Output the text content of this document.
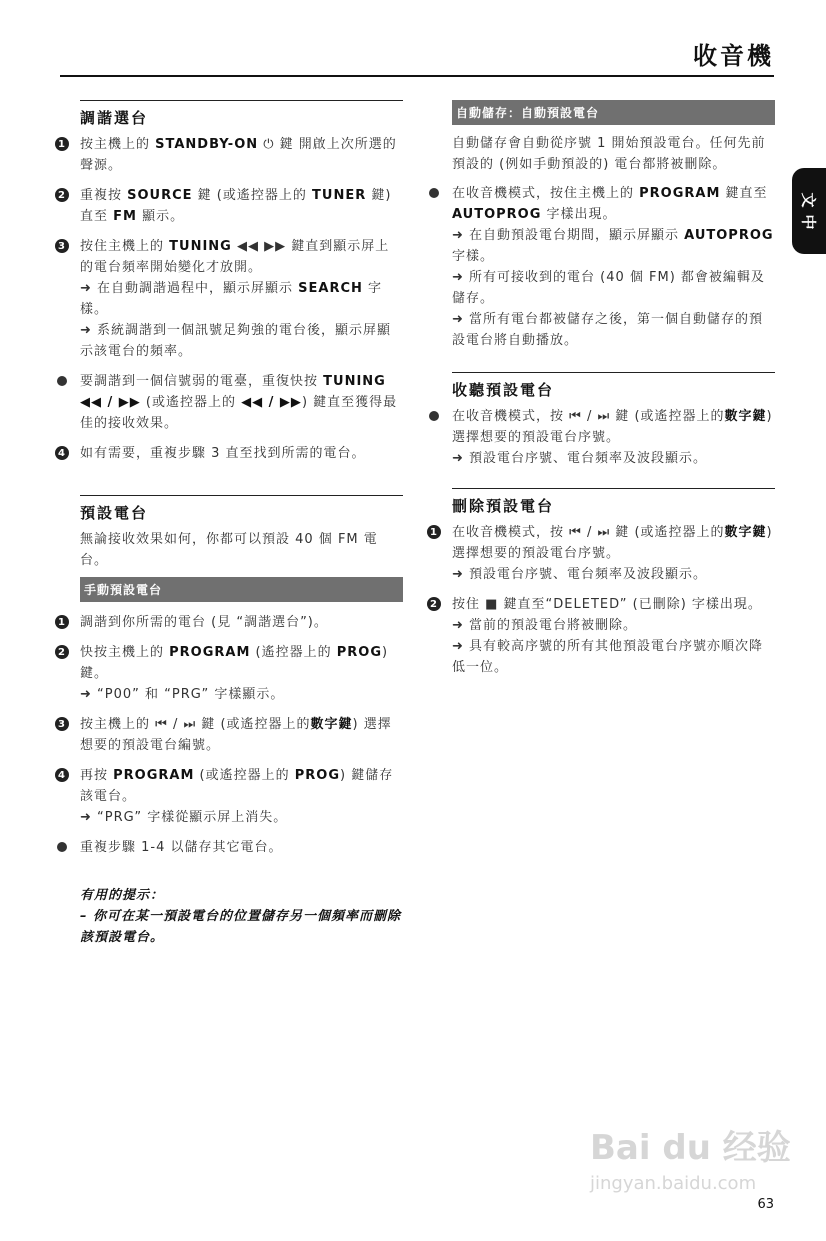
收音機
文
中
調諧選台
1 按主機上的 STANDBY-ON ⏻ 鍵 開啟上次所選的聲源。
2 重複按 SOURCE 鍵 (或遙控器上的 TUNER 鍵) 直至 FM 顯示。
3 按住主機上的 TUNING ◀◀ ▶▶ 鍵直到顯示屏上的電台頻率開始變化才放開。
➜ 在自動調諧過程中，顯示屏顯示 SEARCH 字樣。
➜ 系統調諧到一個訊號足夠強的電台後，顯示屏顯示該電台的頻率。
要調諧到一個信號弱的電臺，重復快按 TUNING ◀◀ / ▶▶ (或遙控器上的 ◀◀ / ▶▶) 鍵直至獲得最佳的接收效果。
4 如有需要，重複步驟 3 直至找到所需的電台。
預設電台
無論接收效果如何，你都可以預設 40 個 FM 電台。
手動預設電台
1 調諧到你所需的電台 (見 “調諧選台”)。
2 快按主機上的 PROGRAM (遙控器上的 PROG) 鍵。
➜ “P00” 和 “PRG” 字樣顯示。
3 按主機上的 ⏮ / ⏭ 鍵 (或遙控器上的數字鍵) 選擇想要的預設電台編號。
4 再按 PROGRAM (或遙控器上的 PROG) 鍵儲存該電台。
➜ “PRG” 字樣從顯示屏上消失。
重複步驟 1-4 以儲存其它電台。
有用的提示：
– 你可在某一預設電台的位置儲存另一個頻率而刪除該預設電台。
自動儲存：自動預設電台
自動儲存會自動從序號 1 開始預設電台。任何先前預設的 (例如手動預設的) 電台都將被刪除。
在收音機模式，按住主機上的 PROGRAM 鍵直至 AUTOPROG 字樣出現。
➜ 在自動預設電台期間，顯示屏顯示 AUTOPROG 字樣。
➜ 所有可接收到的電台 (40 個 FM) 都會被編輯及儲存。
➜ 當所有電台都被儲存之後，第一個自動儲存的預設電台將自動播放。
收聽預設電台
在收音機模式，按 ⏮ / ⏭ 鍵 (或遙控器上的數字鍵) 選擇想要的預設電台序號。
➜ 預設電台序號、電台頻率及波段顯示。
刪除預設電台
1 在收音機模式，按 ⏮ / ⏭ 鍵 (或遙控器上的數字鍵) 選擇想要的預設電台序號。
➜ 預設電台序號、電台頻率及波段顯示。
2 按住 ■ 鍵直至“DELETED” (已刪除) 字樣出現。
➜ 當前的預設電台將被刪除。
➜ 具有較高序號的所有其他預設電台序號亦順次降低一位。
Bai du 经验
jingyan.baidu.com
63
